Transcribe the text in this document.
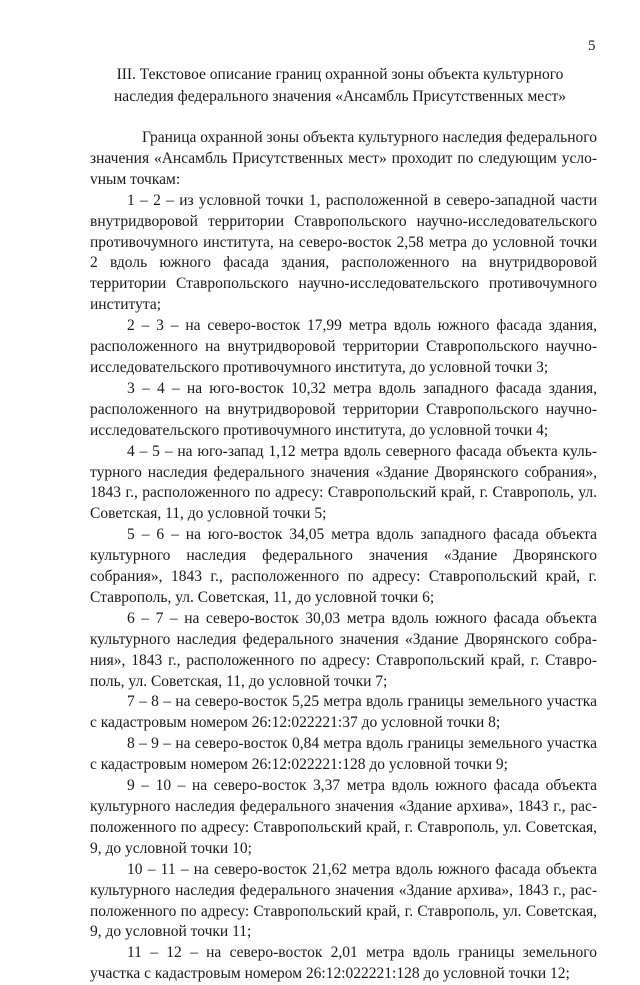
5
III. Текстовое описание границ охранной зоны объекта культурного
наследия федерального значения «Ансамбль Присутственных мест»

Граница охранной зоны объекта культурного наследия федерального значения «Ансамбль Присутственных мест» проходит по следующим услоvным точкам:

1 – 2 – из условной точки 1, расположенной в северо-западной части внутридворовой территории Ставропольского научно-исследовательского противочумного института, на северо-восток 2,58 метра до условной точки 2 вдоль южного фасада здания, расположенного на внутридворовой территории Ставропольского научно-исследовательского противочумного института;

2 – 3 – на северо-восток 17,99 метра вдоль южного фасада здания, расположенного на внутридворовой территории Ставропольского научно-исследовательского противочумного института, до условной точки 3;

3 – 4 – на юго-восток 10,32 метра вдоль западного фасада здания, расположенного на внутридворовой территории Ставропольского научно-исследовательского противочумного института, до условной точки 4;

4 – 5 – на юго-запад 1,12 метра вдоль северного фасада объекта культурного наследия федерального значения «Здание Дворянского собрания», 1843 г., расположенного по адресу: Ставропольский край, г. Ставрополь, ул. Советская, 11, до условной точки 5;

5 – 6 – на юго-восток 34,05 метра вдоль западного фасада объекта культурного наследия федерального значения «Здание Дворянского собрания», 1843 г., расположенного по адресу: Ставропольский край, г. Ставрополь, ул. Советская, 11, до условной точки 6;

6 – 7 – на северо-восток 30,03 метра вдоль южного фасада объекта культурного наследия федерального значения «Здание Дворянского собрания», 1843 г., расположенного по адресу: Ставропольский край, г. Ставрополь, ул. Советская, 11, до условной точки 7;

7 – 8 – на северо-восток 5,25 метра вдоль границы земельного участка с кадастровым номером 26:12:022221:37 до условной точки 8;

8 – 9 – на северо-восток 0,84 метра вдоль границы земельного участка с кадастровым номером 26:12:022221:128 до условной точки 9;

9 – 10 – на северо-восток 3,37 метра вдоль южного фасада объекта культурного наследия федерального значения «Здание архива», 1843 г., расположенного по адресу: Ставропольский край, г. Ставрополь, ул. Советская, 9, до условной точки 10;

10 – 11 – на северо-восток 21,62 метра вдоль южного фасада объекта культурного наследия федерального значения «Здание архива», 1843 г., расположенного по адресу: Ставропольский край, г. Ставрополь, ул. Советская, 9, до условной точки 11;

11 – 12 – на северо-восток 2,01 метра вдоль границы земельного участка с кадастровым номером 26:12:022221:128 до условной точки 12;
